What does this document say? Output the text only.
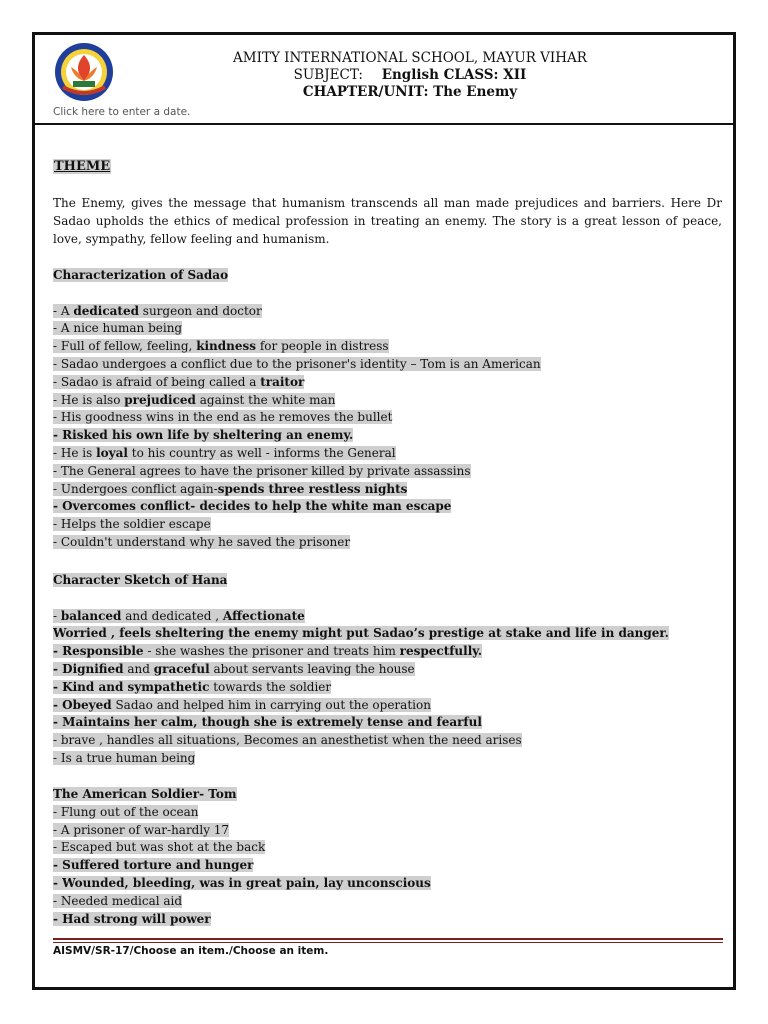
AMITY INTERNATIONAL SCHOOL, MAYUR VIHAR
SUBJECT: English CLASS: XII
CHAPTER/UNIT: The Enemy
Click here to enter a date.
THEME
The Enemy, gives the message that humanism transcends all man made prejudices and barriers. Here Dr Sadao upholds the ethics of medical profession in treating an enemy. The story is a great lesson of peace, love, sympathy, fellow feeling and humanism.
Characterization of Sadao
- A dedicated surgeon and doctor
- A nice human being
- Full of fellow, feeling, kindness for people in distress
- Sadao undergoes a conflict due to the prisoner's identity – Tom is an American
- Sadao is afraid of being called a traitor
- He is also prejudiced against the white man
- His goodness wins in the end as he removes the bullet
- Risked his own life by sheltering an enemy.
- He is loyal to his country as well - informs the General
- The General agrees to have the prisoner killed by private assassins
- Undergoes conflict again-spends three restless nights
- Overcomes conflict- decides to help the white man escape
- Helps the soldier escape
- Couldn't understand why he saved the prisoner
Character Sketch of Hana
- balanced and dedicated , Affectionate
Worried , feels sheltering the enemy might put Sadao’s prestige at stake and life in danger.
- Responsible - she washes the prisoner and treats him respectfully.
- Dignified and graceful about servants leaving the house
- Kind and sympathetic towards the soldier
- Obeyed Sadao and helped him in carrying out the operation
- Maintains her calm, though she is extremely tense and fearful
- brave , handles all situations, Becomes an anesthetist when the need arises
- Is a true human being
The American Soldier- Tom
- Flung out of the ocean
- A prisoner of war-hardly 17
- Escaped but was shot at the back
- Suffered torture and hunger
- Wounded, bleeding, was in great pain, lay unconscious
- Needed medical aid
- Had strong will power
AISMV/SR-17/Choose an item./Choose an item.
